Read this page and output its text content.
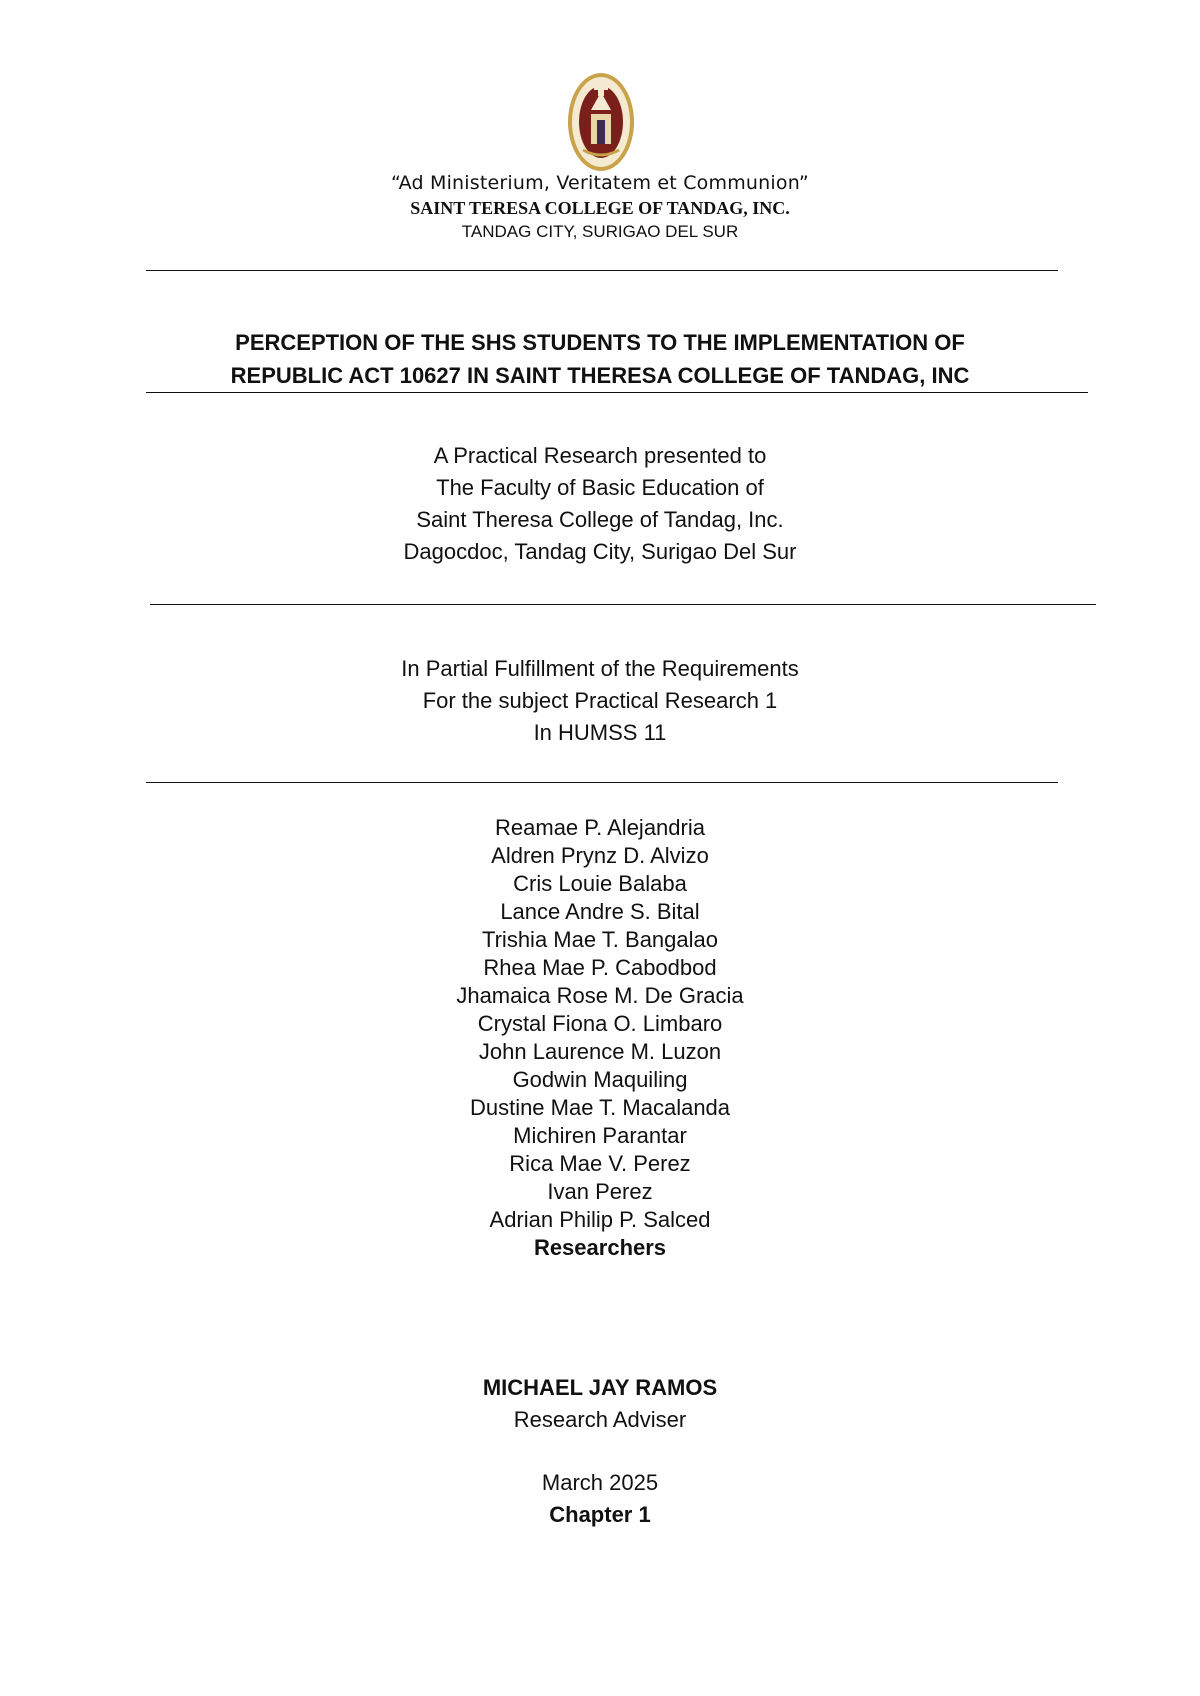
“Ad Ministerium, Veritatem et Communion”
SAINT TERESA COLLEGE OF TANDAG, INC.
TANDAG CITY, SURIGAO DEL SUR
PERCEPTION OF THE SHS STUDENTS TO THE IMPLEMENTATION OF
REPUBLIC ACT 10627 IN SAINT THERESA COLLEGE OF TANDAG, INC
A Practical Research presented to
The Faculty of Basic Education of
Saint Theresa College of Tandag, Inc.
Dagocdoc, Tandag City, Surigao Del Sur
In Partial Fulfillment of the Requirements
For the subject Practical Research 1
In HUMSS 11
Reamae P. Alejandria
Aldren Prynz D. Alvizo
Cris Louie Balaba
Lance Andre S. Bital
Trishia Mae T. Bangalao
Rhea Mae P. Cabodbod
Jhamaica Rose M. De Gracia
Crystal Fiona O. Limbaro
John Laurence M. Luzon
Godwin Maquiling
Dustine Mae T. Macalanda
Michiren Parantar
Rica Mae V. Perez
Ivan Perez
Adrian Philip P. Salced
Researchers
MICHAEL JAY RAMOS
Research Adviser
March 2025
Chapter 1
